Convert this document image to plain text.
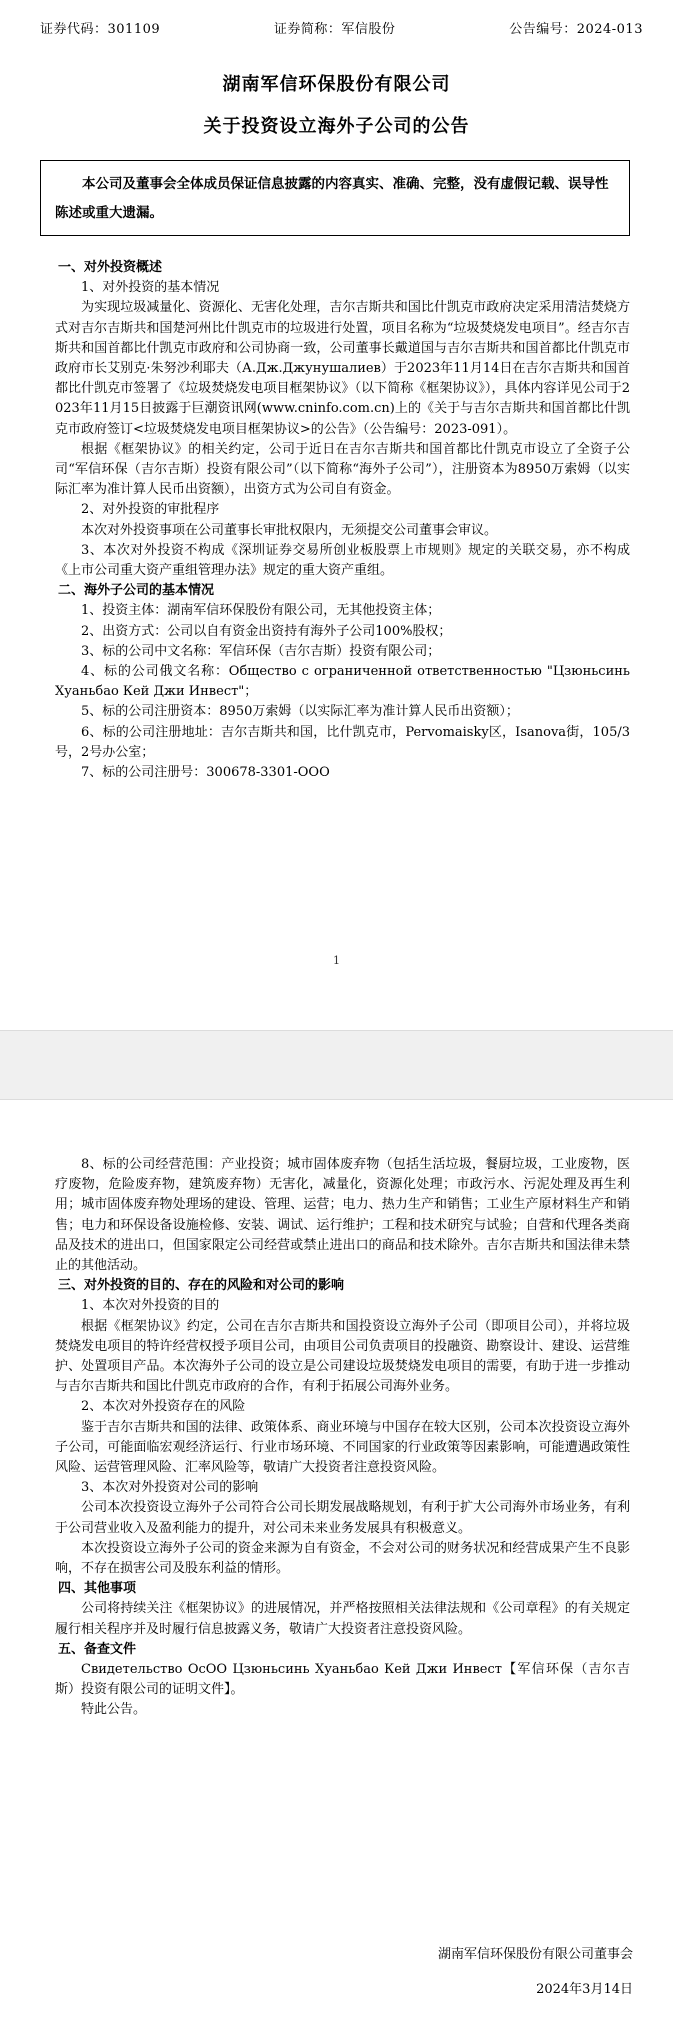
证券代码：301109	证券简称：军信股份	公告编号：2024-013
湖南军信环保股份有限公司
关于投资设立海外子公司的公告
本公司及董事会全体成员保证信息披露的内容真实、准确、完整，没有虚假记载、误导性陈述或重大遗漏。

一、对外投资概述

1、对外投资的基本情况

为实现垃圾减量化、资源化、无害化处理，吉尔吉斯共和国比什凯克市政府决定采用清洁焚烧方式对吉尔吉斯共和国楚河州比什凯克市的垃圾进行处置，项目名称为“垃圾焚烧发电项目”。经吉尔吉斯共和国首都比什凯克市政府和公司协商一致，公司董事长戴道国与吉尔吉斯共和国首都比什凯克市政府市长艾别克·朱努沙利耶夫（А.Дж.Джунушалиев）于2023年11月14日在吉尔吉斯共和国首都比什凯克市签署了《垃圾焚烧发电项目框架协议》（以下简称《框架协议》），具体内容详见公司于2023年11月15日披露于巨潮资讯网(www.cninfo.com.cn)上的《关于与吉尔吉斯共和国首都比什凯克市政府签订<垃圾焚烧发电项目框架协议>的公告》（公告编号：2023-091）。

根据《框架协议》的相关约定，公司于近日在吉尔吉斯共和国首都比什凯克市设立了全资子公司“军信环保（吉尔吉斯）投资有限公司”（以下简称“海外子公司”），注册资本为8950万索姆（以实际汇率为准计算人民币出资额），出资方式为公司自有资金。

2、对外投资的审批程序

本次对外投资事项在公司董事长审批权限内，无须提交公司董事会审议。

3、本次对外投资不构成《深圳证券交易所创业板股票上市规则》规定的关联交易，亦不构成《上市公司重大资产重组管理办法》规定的重大资产重组。

二、海外子公司的基本情况

1、投资主体：湖南军信环保股份有限公司，无其他投资主体；

2、出资方式：公司以自有资金出资持有海外子公司100%股权；

3、标的公司中文名称：军信环保（吉尔吉斯）投资有限公司；

4、标的公司俄文名称：Общество с ограниченной ответственностью "Цзюньсинь Хуаньбао Кей Джи Инвест"；

5、标的公司注册资本：8950万索姆（以实际汇率为准计算人民币出资额）；

6、标的公司注册地址：吉尔吉斯共和国，比什凯克市，Pervomaisky区，Isanova街，105/3号，2号办公室；

7、标的公司注册号：300678-3301-OOO

1

8、标的公司经营范围：产业投资；城市固体废弃物（包括生活垃圾，餐厨垃圾，工业废物，医疗废物，危险废弃物，建筑废弃物）无害化，减量化，资源化处理；市政污水、污泥处理及再生利用；城市固体废弃物处理场的建设、管理、运营；电力、热力生产和销售；工业生产原材料生产和销售；电力和环保设备设施检修、安装、调试、运行维护；工程和技术研究与试验；自营和代理各类商品及技术的进出口，但国家限定公司经营或禁止进出口的商品和技术除外。吉尔吉斯共和国法律未禁止的其他活动。

三、对外投资的目的、存在的风险和对公司的影响

1、本次对外投资的目的

根据《框架协议》约定，公司在吉尔吉斯共和国投资设立海外子公司（即项目公司），并将垃圾焚烧发电项目的特许经营权授予项目公司，由项目公司负责项目的投融资、勘察设计、建设、运营维护、处置项目产品。本次海外子公司的设立是公司建设垃圾焚烧发电项目的需要，有助于进一步推动与吉尔吉斯共和国比什凯克市政府的合作，有利于拓展公司海外业务。

2、本次对外投资存在的风险

鉴于吉尔吉斯共和国的法律、政策体系、商业环境与中国存在较大区别，公司本次投资设立海外子公司，可能面临宏观经济运行、行业市场环境、不同国家的行业政策等因素影响，可能遭遇政策性风险、运营管理风险、汇率风险等，敬请广大投资者注意投资风险。

3、本次对外投资对公司的影响

公司本次投资设立海外子公司符合公司长期发展战略规划，有利于扩大公司海外市场业务，有利于公司营业收入及盈利能力的提升，对公司未来业务发展具有积极意义。

本次投资设立海外子公司的资金来源为自有资金，不会对公司的财务状况和经营成果产生不良影响，不存在损害公司及股东利益的情形。

四、其他事项

公司将持续关注《框架协议》的进展情况，并严格按照相关法律法规和《公司章程》的有关规定履行相关程序并及时履行信息披露义务，敬请广大投资者注意投资风险。

五、备查文件

Свидетельство ОсОО Цзюньсинь Хуаньбао Кей Джи Инвест【军信环保（吉尔吉斯）投资有限公司的证明文件】。

特此公告。

湖南军信环保股份有限公司董事会
2024年3月14日
